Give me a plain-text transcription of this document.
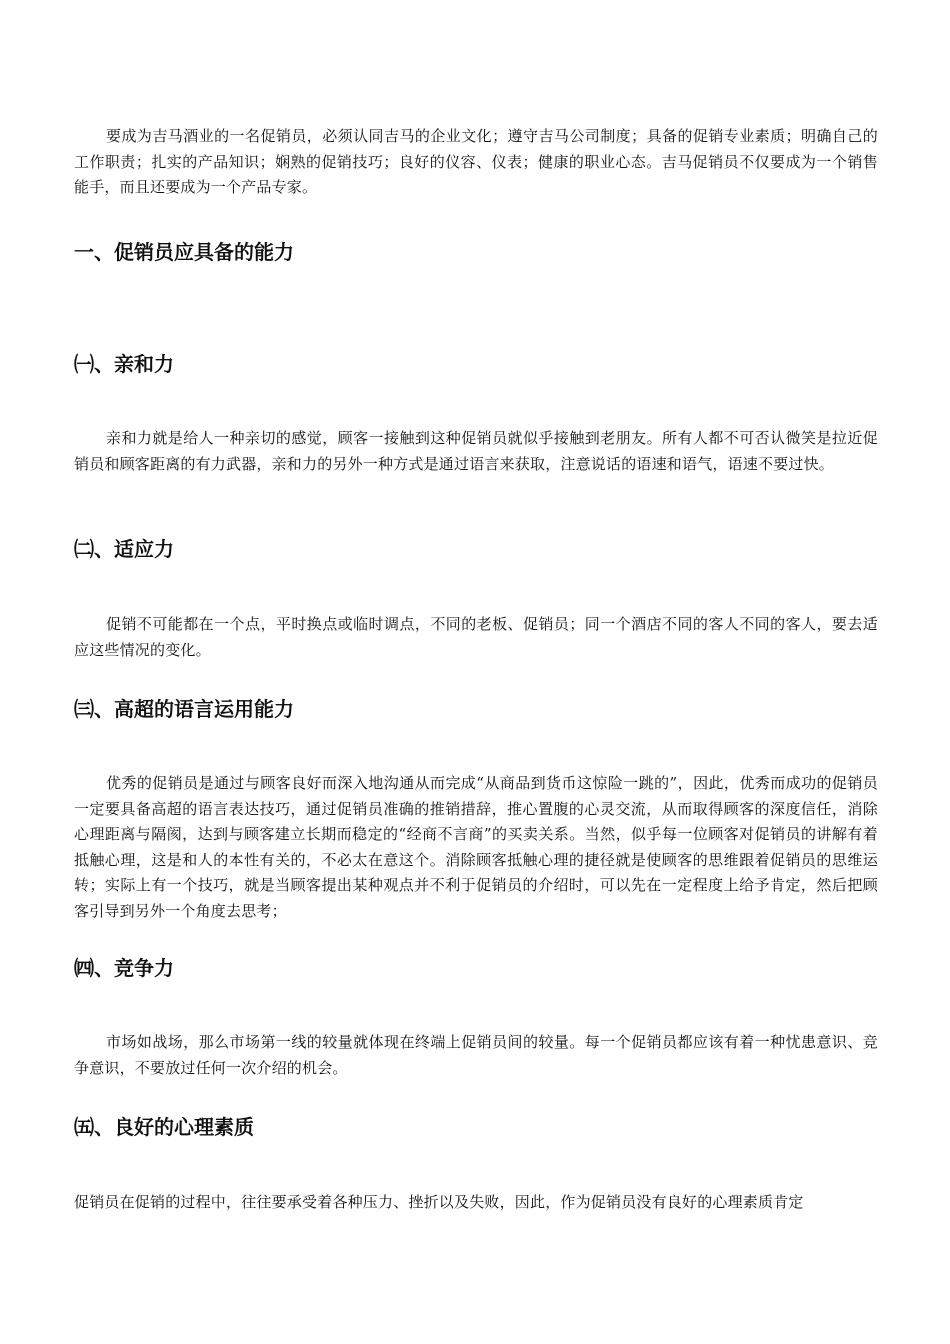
要成为吉马酒业的一名促销员，必须认同吉马的企业文化；遵守吉马公司制度；具备的促销专业素质；明确自己的工作职责；扎实的产品知识；娴熟的促销技巧；良好的仪容、仪表；健康的职业心态。吉马促销员不仅要成为一个销售能手，而且还要成为一个产品专家。

一、促销员应具备的能力
㈠、亲和力

亲和力就是给人一种亲切的感觉，顾客一接触到这种促销员就似乎接触到老朋友。所有人都不可否认微笑是拉近促销员和顾客距离的有力武器，亲和力的另外一种方式是通过语言来获取，注意说话的语速和语气，语速不要过快。

㈡、适应力

促销不可能都在一个点，平时换点或临时调点，不同的老板、促销员；同一个酒店不同的客人不同的客人，要去适应这些情况的变化。

㈢、高超的语言运用能力

优秀的促销员是通过与顾客良好而深入地沟通从而完成“从商品到货币这惊险一跳的”，因此，优秀而成功的促销员一定要具备高超的语言表达技巧，通过促销员准确的推销措辞，推心置腹的心灵交流，从而取得顾客的深度信任，消除心理距离与隔阂，达到与顾客建立长期而稳定的“经商不言商”的买卖关系。当然，似乎每一位顾客对促销员的讲解有着抵触心理，这是和人的本性有关的，不必太在意这个。消除顾客抵触心理的捷径就是使顾客的思维跟着促销员的思维运转；实际上有一个技巧，就是当顾客提出某种观点并不利于促销员的介绍时，可以先在一定程度上给予肯定，然后把顾客引导到另外一个角度去思考；

㈣、竞争力

市场如战场，那么市场第一线的较量就体现在终端上促销员间的较量。每一个促销员都应该有着一种忧患意识、竞争意识，不要放过任何一次介绍的机会。

㈤、良好的心理素质

促销员在促销的过程中，往往要承受着各种压力、挫折以及失败，因此，作为促销员没有良好的心理素质肯定
